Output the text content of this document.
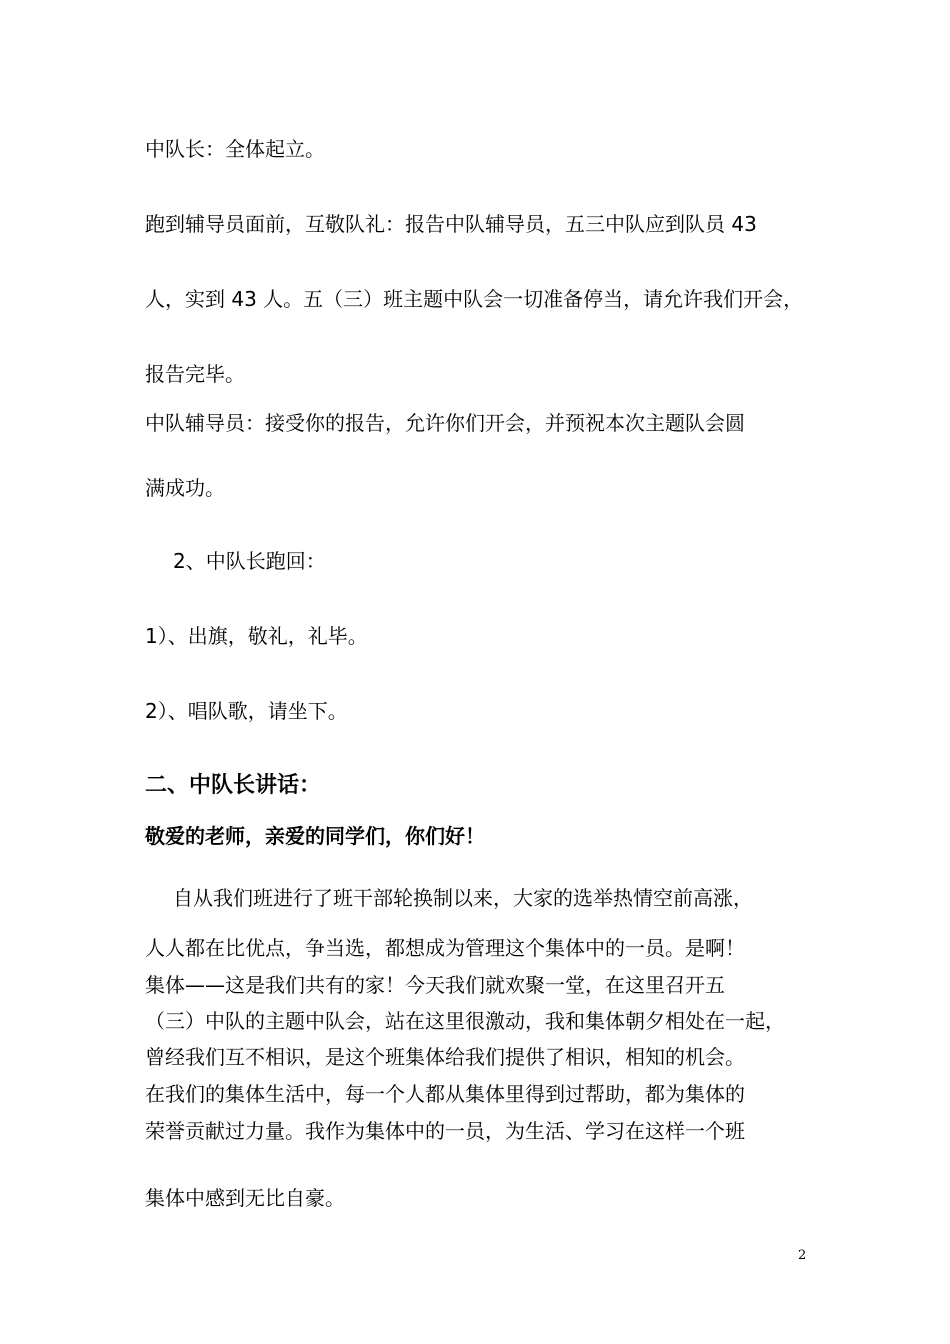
中队长：全体起立。

跑到辅导员面前，互敬队礼：报告中队辅导员，五三中队应到队员 43

人，实到 43 人。五（三）班主题中队会一切准备停当，请允许我们开会，

报告完毕。

中队辅导员：接受你的报告，允许你们开会，并预祝本次主题队会圆

满成功。

2、中队长跑回：

1）、出旗，敬礼，礼毕。

2）、唱队歌，请坐下。

二、中队长讲话：

敬爱的老师，亲爱的同学们，你们好！

自从我们班进行了班干部轮换制以来，大家的选举热情空前高涨，

人人都在比优点，争当选，都想成为管理这个集体中的一员。是啊！

集体——这是我们共有的家！今天我们就欢聚一堂，在这里召开五

（三）中队的主题中队会，站在这里很激动，我和集体朝夕相处在一起，

曾经我们互不相识，是这个班集体给我们提供了相识，相知的机会。

在我们的集体生活中，每一个人都从集体里得到过帮助，都为集体的

荣誉贡献过力量。我作为集体中的一员，为生活、学习在这样一个班

集体中感到无比自豪。

2
